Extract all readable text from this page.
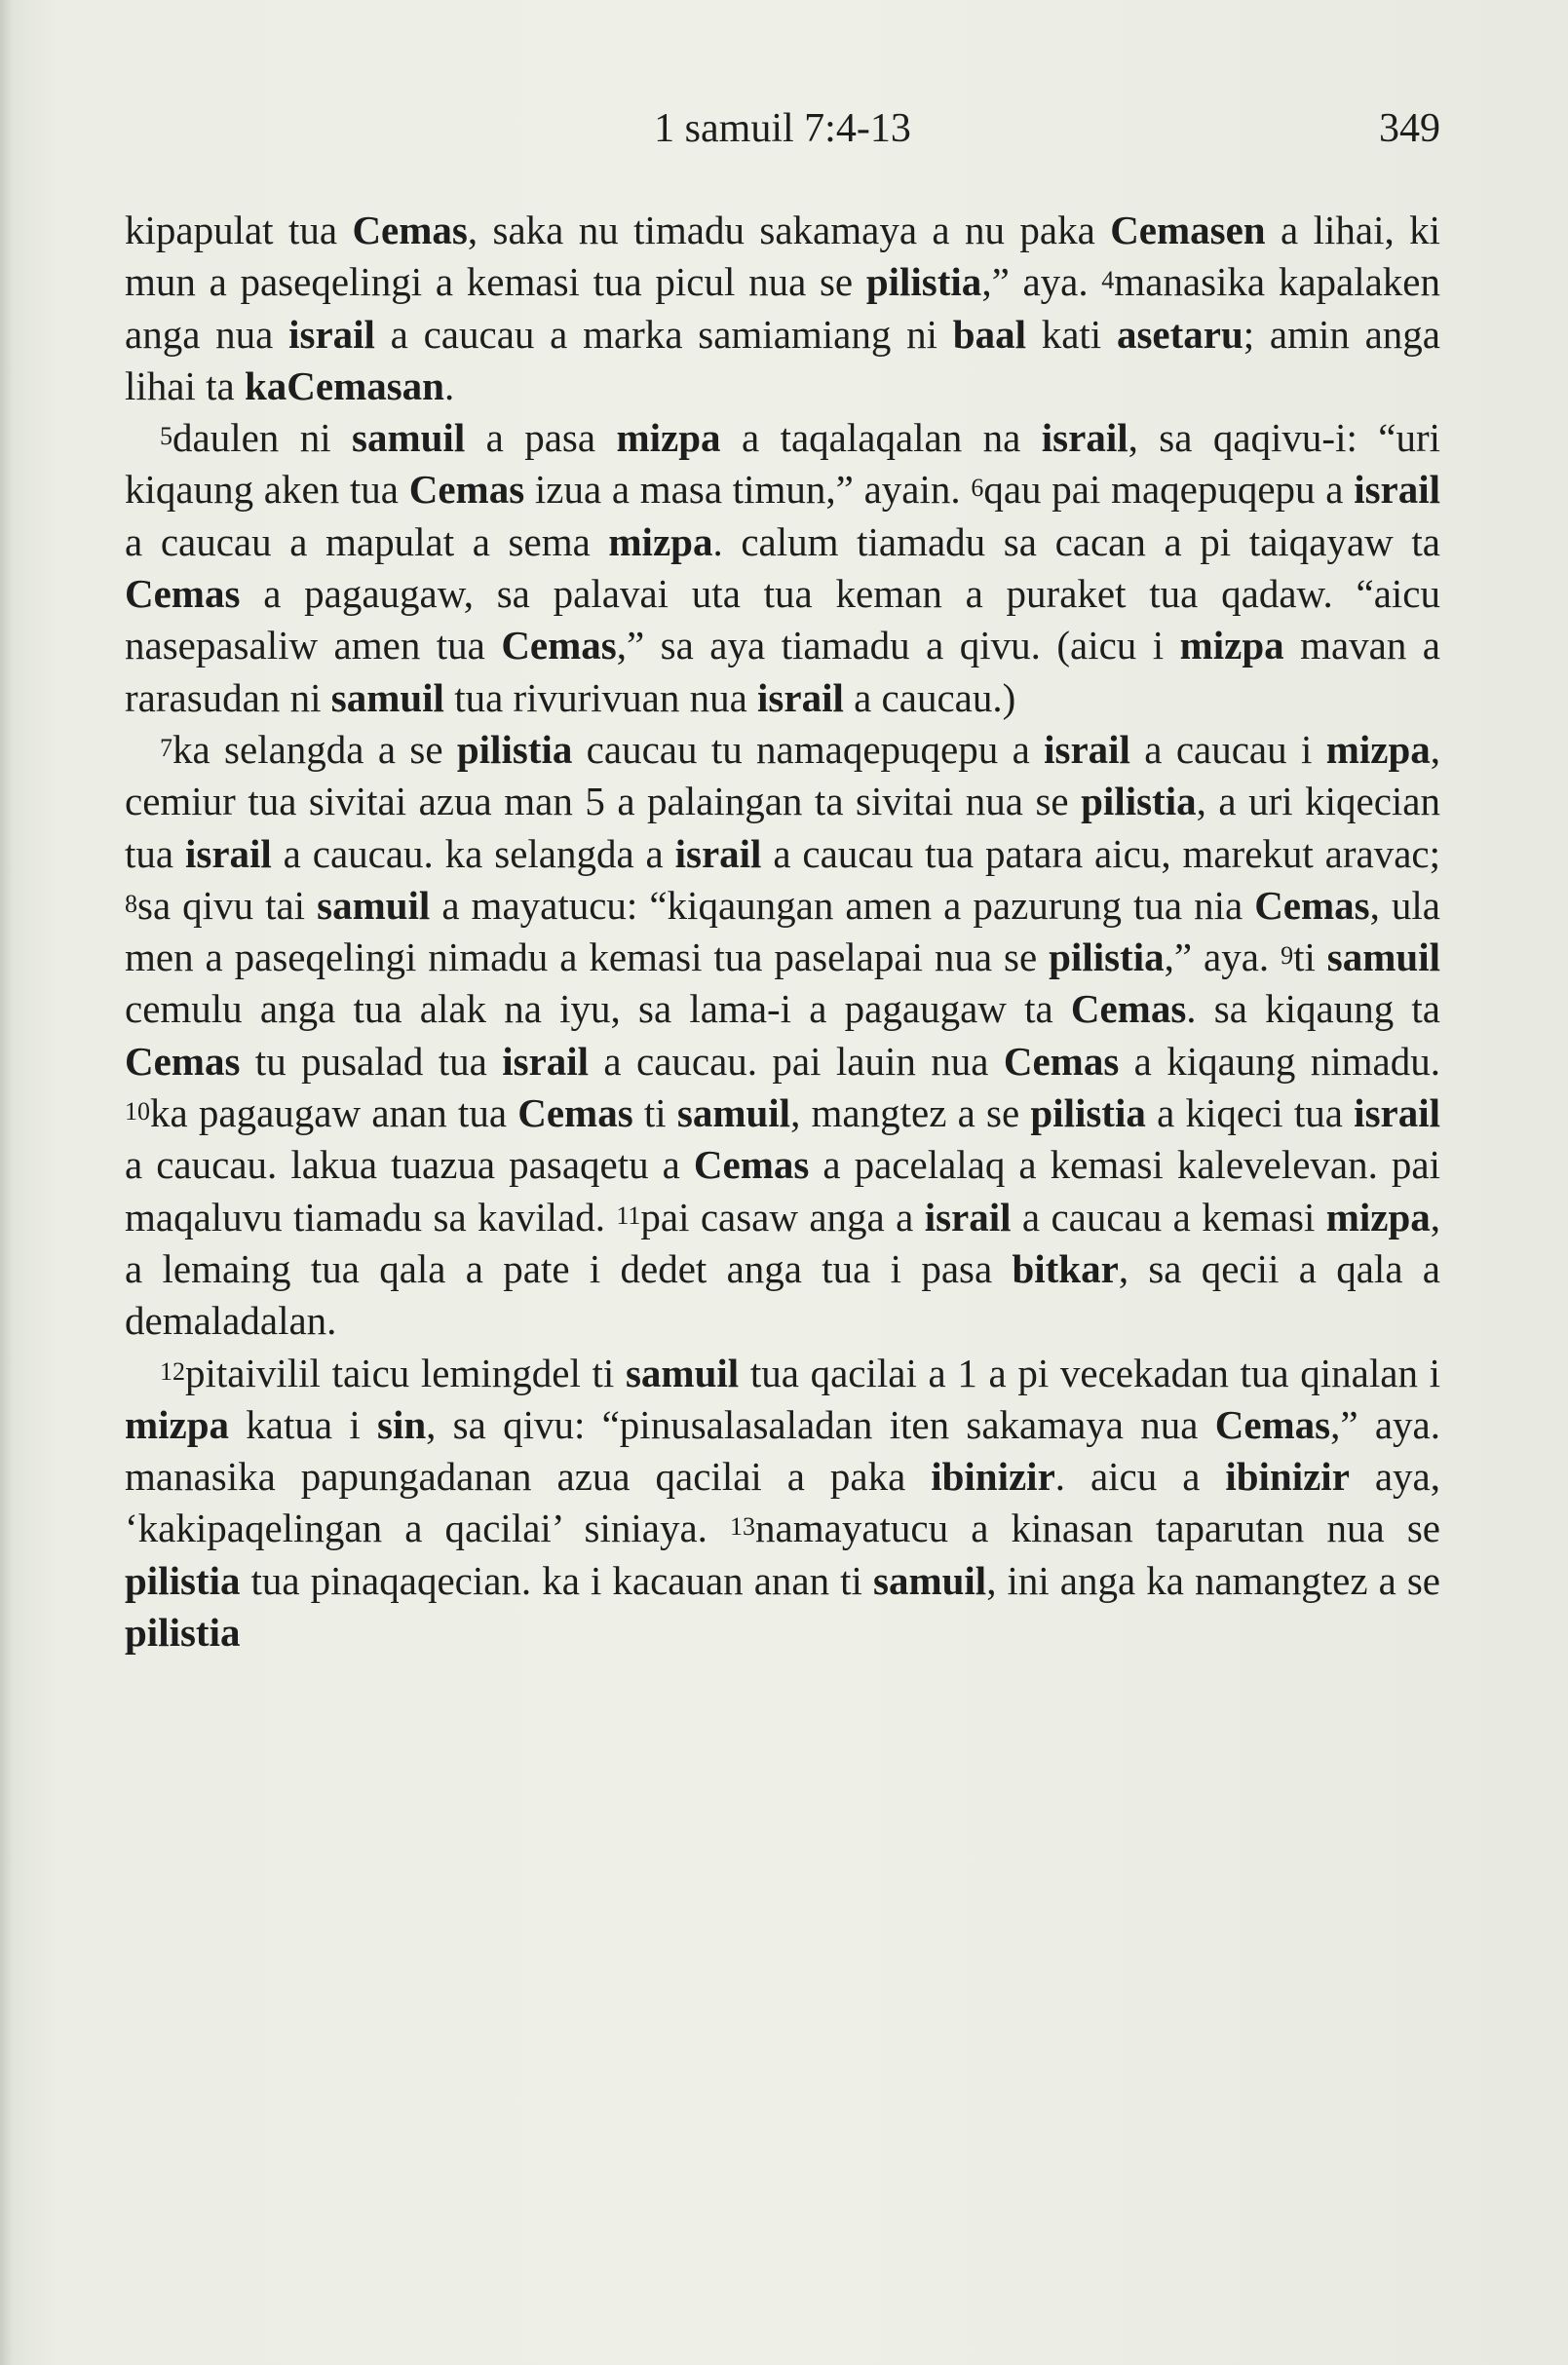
1 samuil 7:4-13	349

kipapulat tua Cemas, saka nu timadu sakamaya a nu paka Cemasen a lihai, ki mun a paseqelingi a kemasi tua picul nua se pilistia,” aya. $^4$manasika kapalaken anga nua israil a caucau a marka samiamiang ni baal kati asetaru; amin anga lihai ta kaCemasan.

$^5$daulen ni samuil a pasa mizpa a taqalaqalan na israil, sa qaqivu-i: “uri kiqaung aken tua Cemas izua a masa timun,” ayain. $^6$qau pai maqepuqepu a israil a caucau a mapulat a sema mizpa. calum tiamadu sa cacan a pi taiqayaw ta Cemas a pagaugaw, sa palavai uta tua keman a puraket tua qadaw. “aicu nasepasaliw amen tua Cemas,” sa aya tiamadu a qivu. (aicu i mizpa mavan a rarasudan ni samuil tua rivurivuan nua israil a caucau.)

$^7$ka selangda a se pilistia caucau tu namaqepuqepu a israil a caucau i mizpa, cemiur tua sivitai azua man 5 a palaingan ta sivitai nua se pilistia, a uri kiqecian tua israil a caucau. ka selangda a israil a caucau tua patara aicu, marekut aravac; $^8$sa qivu tai samuil a mayatucu: “kiqaungan amen a pazurung tua nia Cemas, ula men a paseqelingi nimadu a kemasi tua paselapai nua se pilistia,” aya. $^9$ti samuil cemulu anga tua alak na iyu, sa lama-i a pagaugaw ta Cemas. sa kiqaung ta Cemas tu pusalad tua israil a caucau. pai lauin nua Cemas a kiqaung nimadu. $^{10}$ka pagaugaw anan tua Cemas ti samuil, mangtez a se pilistia a kiqeci tua israil a caucau. lakua tuazua pasaqetu a Cemas a pacelalaq a kemasi kalevelevan. pai maqaluvu tiamadu sa kavilad. $^{11}$pai casaw anga a israil a caucau a kemasi mizpa, a lemaing tua qala a pate i dedet anga tua i pasa bitkar, sa qecii a qala a demaladalan.

$^{12}$pitaivilil taicu lemingdel ti samuil tua qacilai a 1 a pi vecekadan tua qinalan i mizpa katua i sin, sa qivu: “pinusalasaladan iten sakamaya nua Cemas,” aya. manasika papungadanan azua qacilai a paka ibinizir. aicu a ibinizir aya, ‘kakipaqelingan a qacilai’ siniaya. $^{13}$namayatucu a kinasan taparutan nua se pilistia tua pinaqaqecian. ka i kacauan anan ti samuil, ini anga ka namangtez a se pilistia
